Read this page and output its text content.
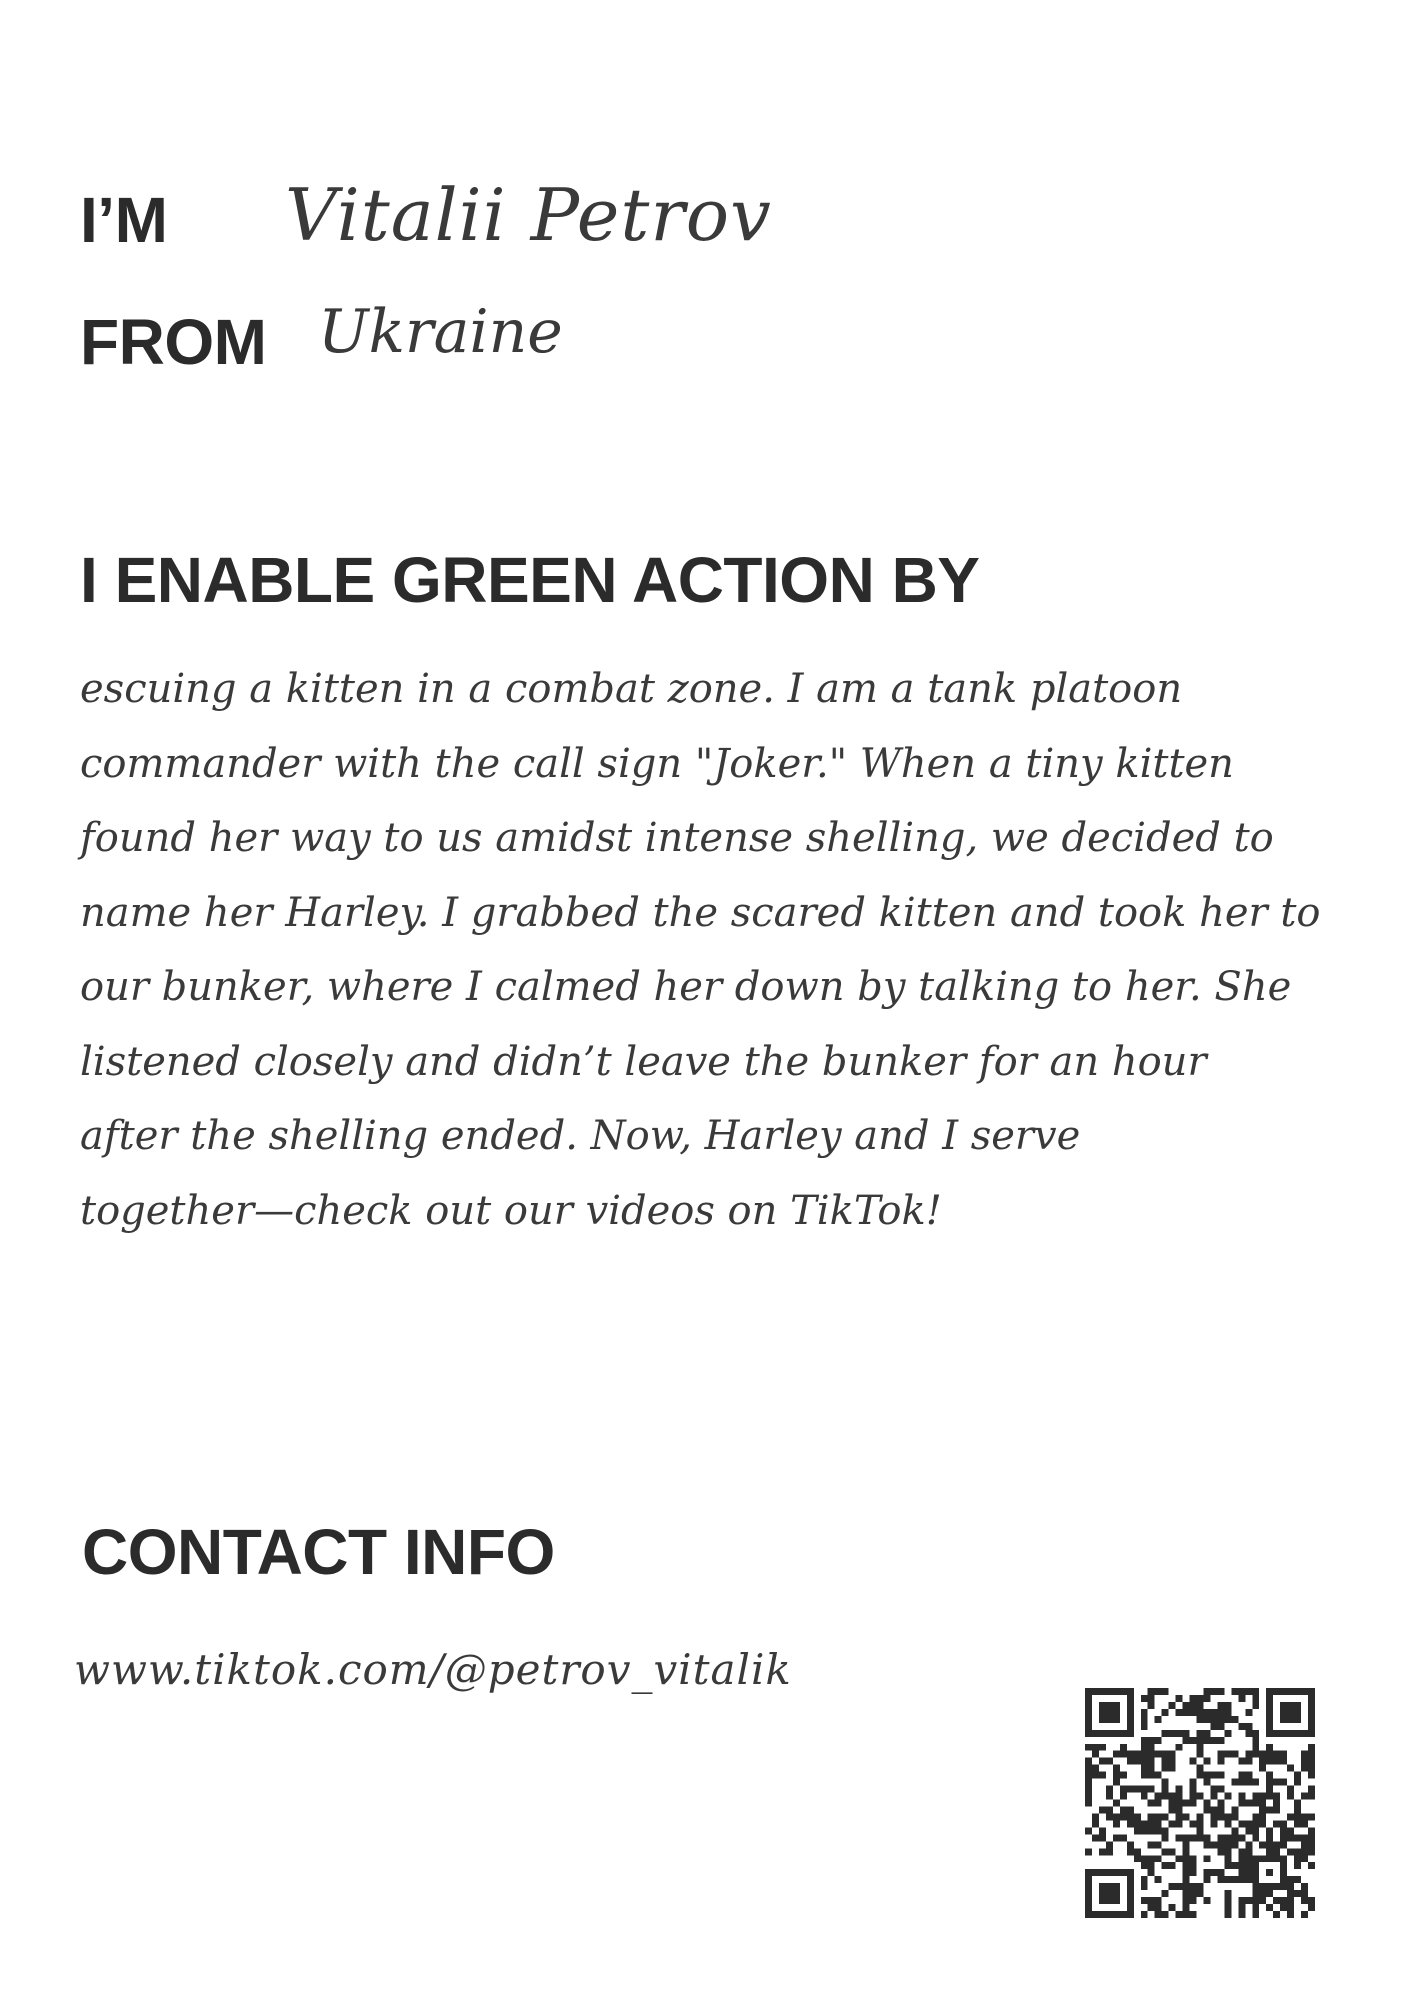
I’M Vitalii Petrov
FROM Ukraine
I ENABLE GREEN ACTION BY
escuing a kitten in a combat zone. I am a tank platoon
commander with the call sign "Joker." When a tiny kitten
found her way to us amidst intense shelling, we decided to
name her Harley. I grabbed the scared kitten and took her to
our bunker, where I calmed her down by talking to her. She
listened closely and didn’t leave the bunker for an hour
after the shelling ended. Now, Harley and I serve
together—check out our videos on TikTok!
CONTACT INFO
www.tiktok.com/@petrov_vitalik
